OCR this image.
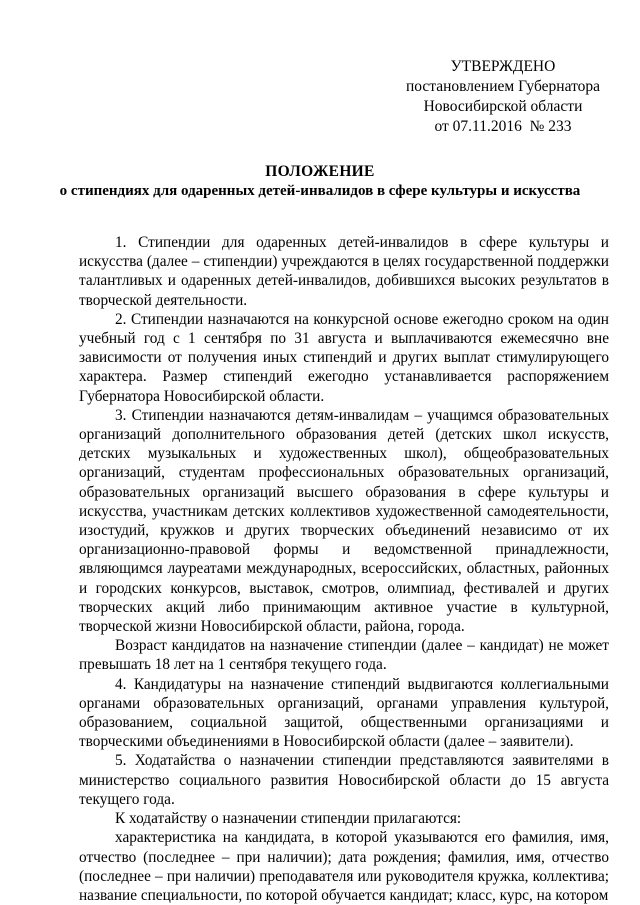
УТВЕРЖДЕНО
постановлением Губернатора
Новосибирской области
от 07.11.2016  № 233
ПОЛОЖЕНИЕ
о стипендиях для одаренных детей-инвалидов в сфере культуры и искусства

1. Стипендии для одаренных детей-инвалидов в сфере культуры и искусства (далее – стипендии) учреждаются в целях государственной поддержки талантливых и одаренных детей-инвалидов, добившихся высоких результатов в творческой деятельности.

2. Стипендии назначаются на конкурсной основе ежегодно сроком на один учебный год с 1 сентября по 31 августа и выплачиваются ежемесячно вне зависимости от получения иных стипендий и других выплат стимулирующего характера. Размер стипендий ежегодно устанавливается распоряжением Губернатора Новосибирской области.

3. Стипендии назначаются детям-инвалидам – учащимся образовательных организаций дополнительного образования детей (детских школ искусств, детских музыкальных и художественных школ), общеобразовательных организаций, студентам профессиональных образовательных организаций, образовательных организаций высшего образования в сфере культуры и искусства, участникам детских коллективов художественной самодеятельности, изостудий, кружков и других творческих объединений независимо от их организационно-правовой формы и ведомственной принадлежности, являющимся лауреатами международных, всероссийских, областных, районных и городских конкурсов, выставок, смотров, олимпиад, фестивалей и других творческих акций либо принимающим активное участие в культурной, творческой жизни Новосибирской области, района, города.

Возраст кандидатов на назначение стипендии (далее – кандидат) не может превышать 18 лет на 1 сентября текущего года.

4. Кандидатуры на назначение стипендий выдвигаются коллегиальными органами образовательных организаций, органами управления культурой, образованием, социальной защитой, общественными организациями и творческими объединениями в Новосибирской области (далее – заявители).

5. Ходатайства о назначении стипендии представляются заявителями в министерство социального развития Новосибирской области до 15 августа текущего года.

К ходатайству о назначении стипендии прилагаются:

характеристика на кандидата, в которой указываются его фамилия, имя, отчество (последнее – при наличии); дата рождения; фамилия, имя, отчество (последнее – при наличии) преподавателя или руководителя кружка, коллектива; название специальности, по которой обучается кандидат; класс, курс, на котором
